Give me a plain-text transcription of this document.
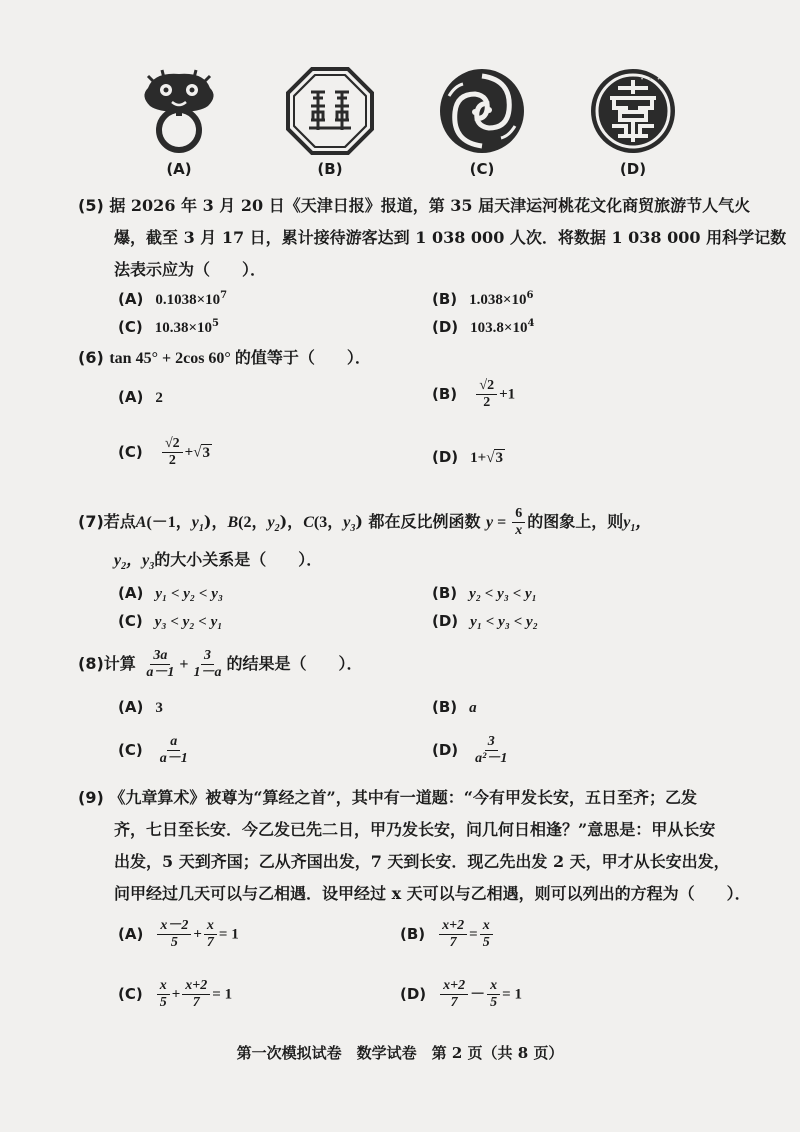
(A)	(B)	(C)	(D)
· · ·
(5) 据 2026 年 3 月 20 日《天津日报》报道，第 35 届天津运河桃花文化商贸旅游节人气火
爆，截至 3 月 17 日，累计接待游客达到 1 038 000 人次．将数据 1 038 000 用科学记数
法表示应为（　　）．
(A) $0.1038\times 10^7$	(B) $1.038\times 10^6$
(C) $10.38\times 10^5$	(D) $103.8\times 10^4$
(6) tan 45° + 2cos 60° 的值等于（　　）．
(A) 2	$(B) \frac{√2}{2} +1$
$(C) \frac{√2}{2} +√3$	(D) 1+√3
(7)若点A(－1，$y_1$)，B(2，$y_2$)，C(3，$y_3$) 都在反比例函数 $y = \frac{6}{x}$ 的图象上，则$y_1$，
$y_2$，$y_3$的大小关系是（　　）．
(A) y₁ < y₂ < y₃	(B) y₂ < y₃ < y₁
(C) y₃ < y₂ < y₁	(D) y₁ < y₃ < y₂
(8)计算 $\frac{3a}{a-1} + \frac{3}{1-a}$ 的结果是（　　）．
(A) 3	(B) a
$(C) \frac{a}{a-1}$	$(D) \frac{3}{\text{a²－1}}$
(9) 《九章算术》被尊为“算经之首”，其中有一道题：“今有甲发长安，五日至齐；乙发
齐，七日至长安．今乙发已先二日，甲乃发长安，问几何日相逢？”意思是：甲从长安
出发，5 天到齐国；乙从齐国出发，7 天到长安．现乙先出发 2 天，甲才从长安出发，
问甲经过几天可以与乙相遇．设甲经过 x 天可以与乙相遇，则可以列出的方程为（　　）．
$(A) \frac{x-2}{5} + \frac{x}{7} = 1$	$(B) \frac{x+2}{7} = \frac{x}{5}$
$(C) \frac{x}{5} + \frac{x+2}{7} = 1$	$(D) \frac{x+2}{7} - \frac{x}{5} = 1$
第一次模拟试卷　数学试卷　第 2 页（共 8 页）
